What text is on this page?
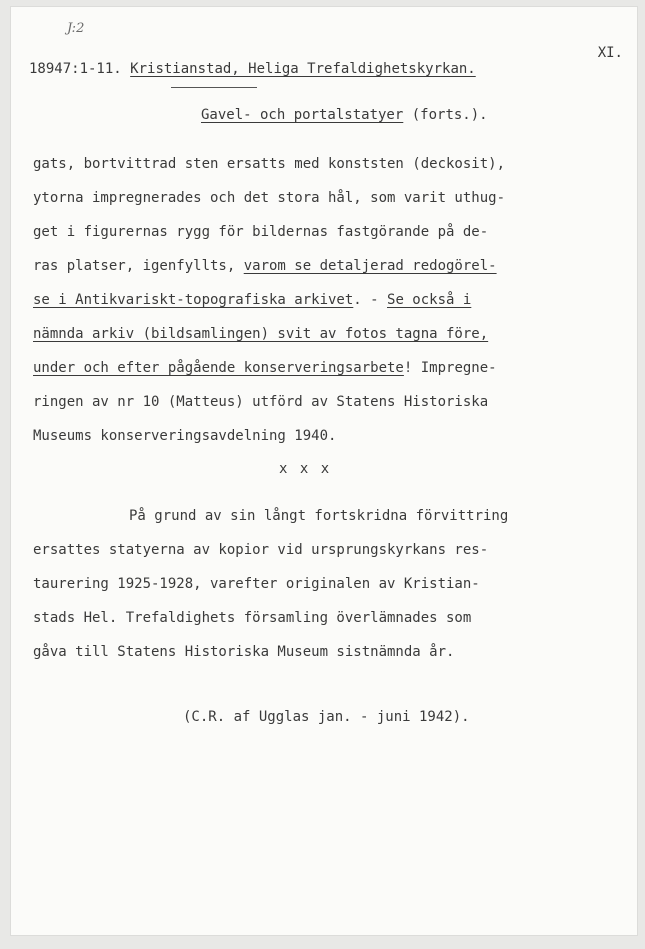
J:2
XI.
18947:1-11. Kristianstad, Heliga Trefaldighetskyrkan.
Gavel- och portalstatyer (forts.).
gats, bortvittrad sten ersatts med konststen (deckosit),
ytorna impregnerades och det stora hål, som varit uthug-
get i figurernas rygg för bildernas fastgörande på de-
ras platser, igenfyllts, varom se detaljerad redogörel-
se i Antikvariskt-topografiska arkivet. - Se också i
nämnda arkiv (bildsamlingen) svit av fotos tagna före,
under och efter pågående konserveringsarbete! Impregne-
ringen av nr 10 (Matteus) utförd av Statens Historiska
Museums konserveringsavdelning 1940.
x x x
På grund av sin långt fortskridna förvittring
ersattes statyerna av kopior vid ursprungskyrkans res-
taurering 1925-1928, varefter originalen av Kristian-
stads Hel. Trefaldighets församling överlämnades som
gåva till Statens Historiska Museum sistnämnda år.
(C.R. af Ugglas jan. - juni 1942).
